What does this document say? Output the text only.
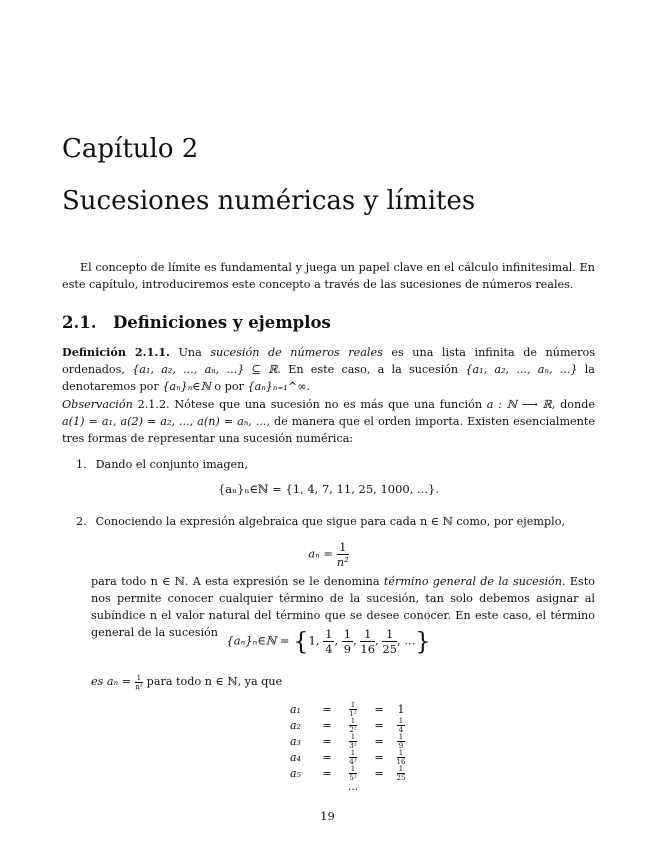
Capítulo 2
Sucesiones numéricas y límites
El concepto de límite es fundamental y juega un papel clave en el cálculo infinitesimal. En este capítulo, introduciremos este concepto a través de las sucesiones de números reales.
2.1. Definiciones y ejemplos
Definición 2.1.1. Una sucesión de números reales es una lista infinita de números ordenados, {a₁, a₂, ..., aₙ, ...} ⊆ ℝ. En este caso, a la sucesión {a₁, a₂, ..., aₙ, ...} la denotaremos por {aₙ}ₙ∈ℕ o por {aₙ}ₙ₌₁^∞.
Observación 2.1.2. Nótese que una sucesión no es más que una función a : ℕ ⟶ ℝ, donde a(1) = a₁, a(2) = a₂, ..., a(n) = aₙ, ..., de manera que el orden importa. Existen esencialmente tres formas de representar una sucesión numérica:
1. Dando el conjunto imagen,
{aₙ}ₙ∈ℕ = {1, 4, 7, 11, 25, 1000, ...}.
2. Conociendo la expresión algebraica que sigue para cada n ∈ ℕ como, por ejemplo,
$a_n = \frac{1}{\text{n²}}$
para todo n ∈ ℕ. A esta expresión se le denomina término general de la sucesión. Esto nos permite conocer cualquier término de la sucesión, tan solo debemos asignar al subíndice n el valor natural del término que se desee conocer. En este caso, el término general de la sucesión
{aₙ}ₙ∈ℕ = {1, $\frac{1}{4}$ , $\frac{1}{9}$ , $\frac{1}{16}$ , $\frac{1}{25}$ , ...}
es $a_n = \frac{1}{\text{n²}}$ para todo n ∈ ℕ, ya que
a₁	=	$\frac{1}{\text{1²}}$	=	1
a₂	=	$\frac{1}{\text{2²}}$	=	$\frac{1}{4}$
a₃	=	$\frac{1}{\text{3²}}$	=	$\frac{1}{9}$
a₄	=	$\frac{1}{\text{4²}}$	=	$\frac{1}{16}$
a₅	=	$\frac{1}{\text{5²}}$	=	$\frac{1}{25}$
...
19
